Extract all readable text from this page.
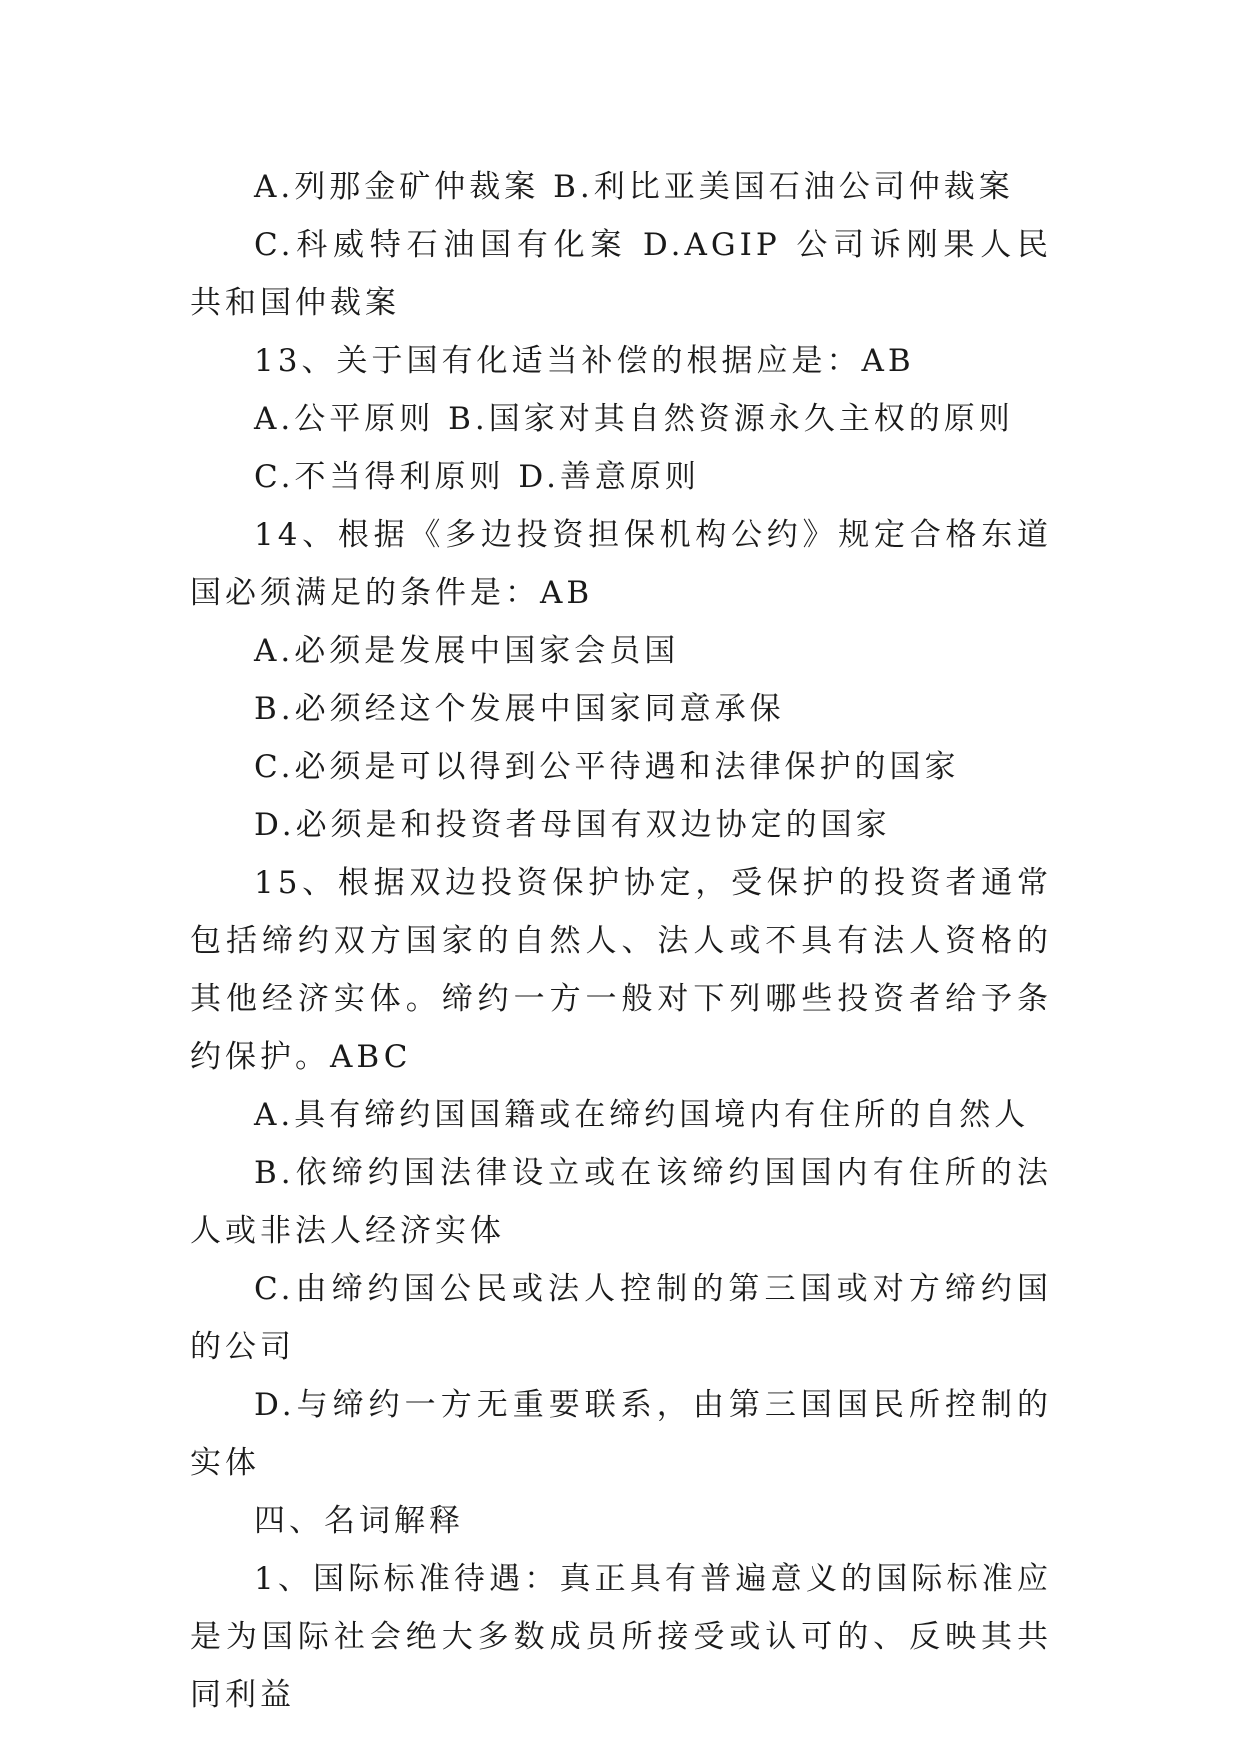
A.列那金矿仲裁案 B.利比亚美国石油公司仲裁案

C.科威特石油国有化案 D.AGIP 公司诉刚果人民共和国仲裁案

13、关于国有化适当补偿的根据应是：AB

A.公平原则 B.国家对其自然资源永久主权的原则

C.不当得利原则 D.善意原则

14、根据《多边投资担保机构公约》规定合格东道国必须满足的条件是：AB

A.必须是发展中国家会员国

B.必须经这个发展中国家同意承保

C.必须是可以得到公平待遇和法律保护的国家

D.必须是和投资者母国有双边协定的国家

15、根据双边投资保护协定，受保护的投资者通常包括缔约双方国家的自然人、法人或不具有法人资格的其他经济实体。缔约一方一般对下列哪些投资者给予条约保护。ABC

A.具有缔约国国籍或在缔约国境内有住所的自然人

B.依缔约国法律设立或在该缔约国国内有住所的法人或非法人经济实体

C.由缔约国公民或法人控制的第三国或对方缔约国的公司

D.与缔约一方无重要联系，由第三国国民所控制的实体

四、名词解释

1、国际标准待遇：真正具有普遍意义的国际标准应是为国际社会绝大多数成员所接受或认可的、反映其共同利益
